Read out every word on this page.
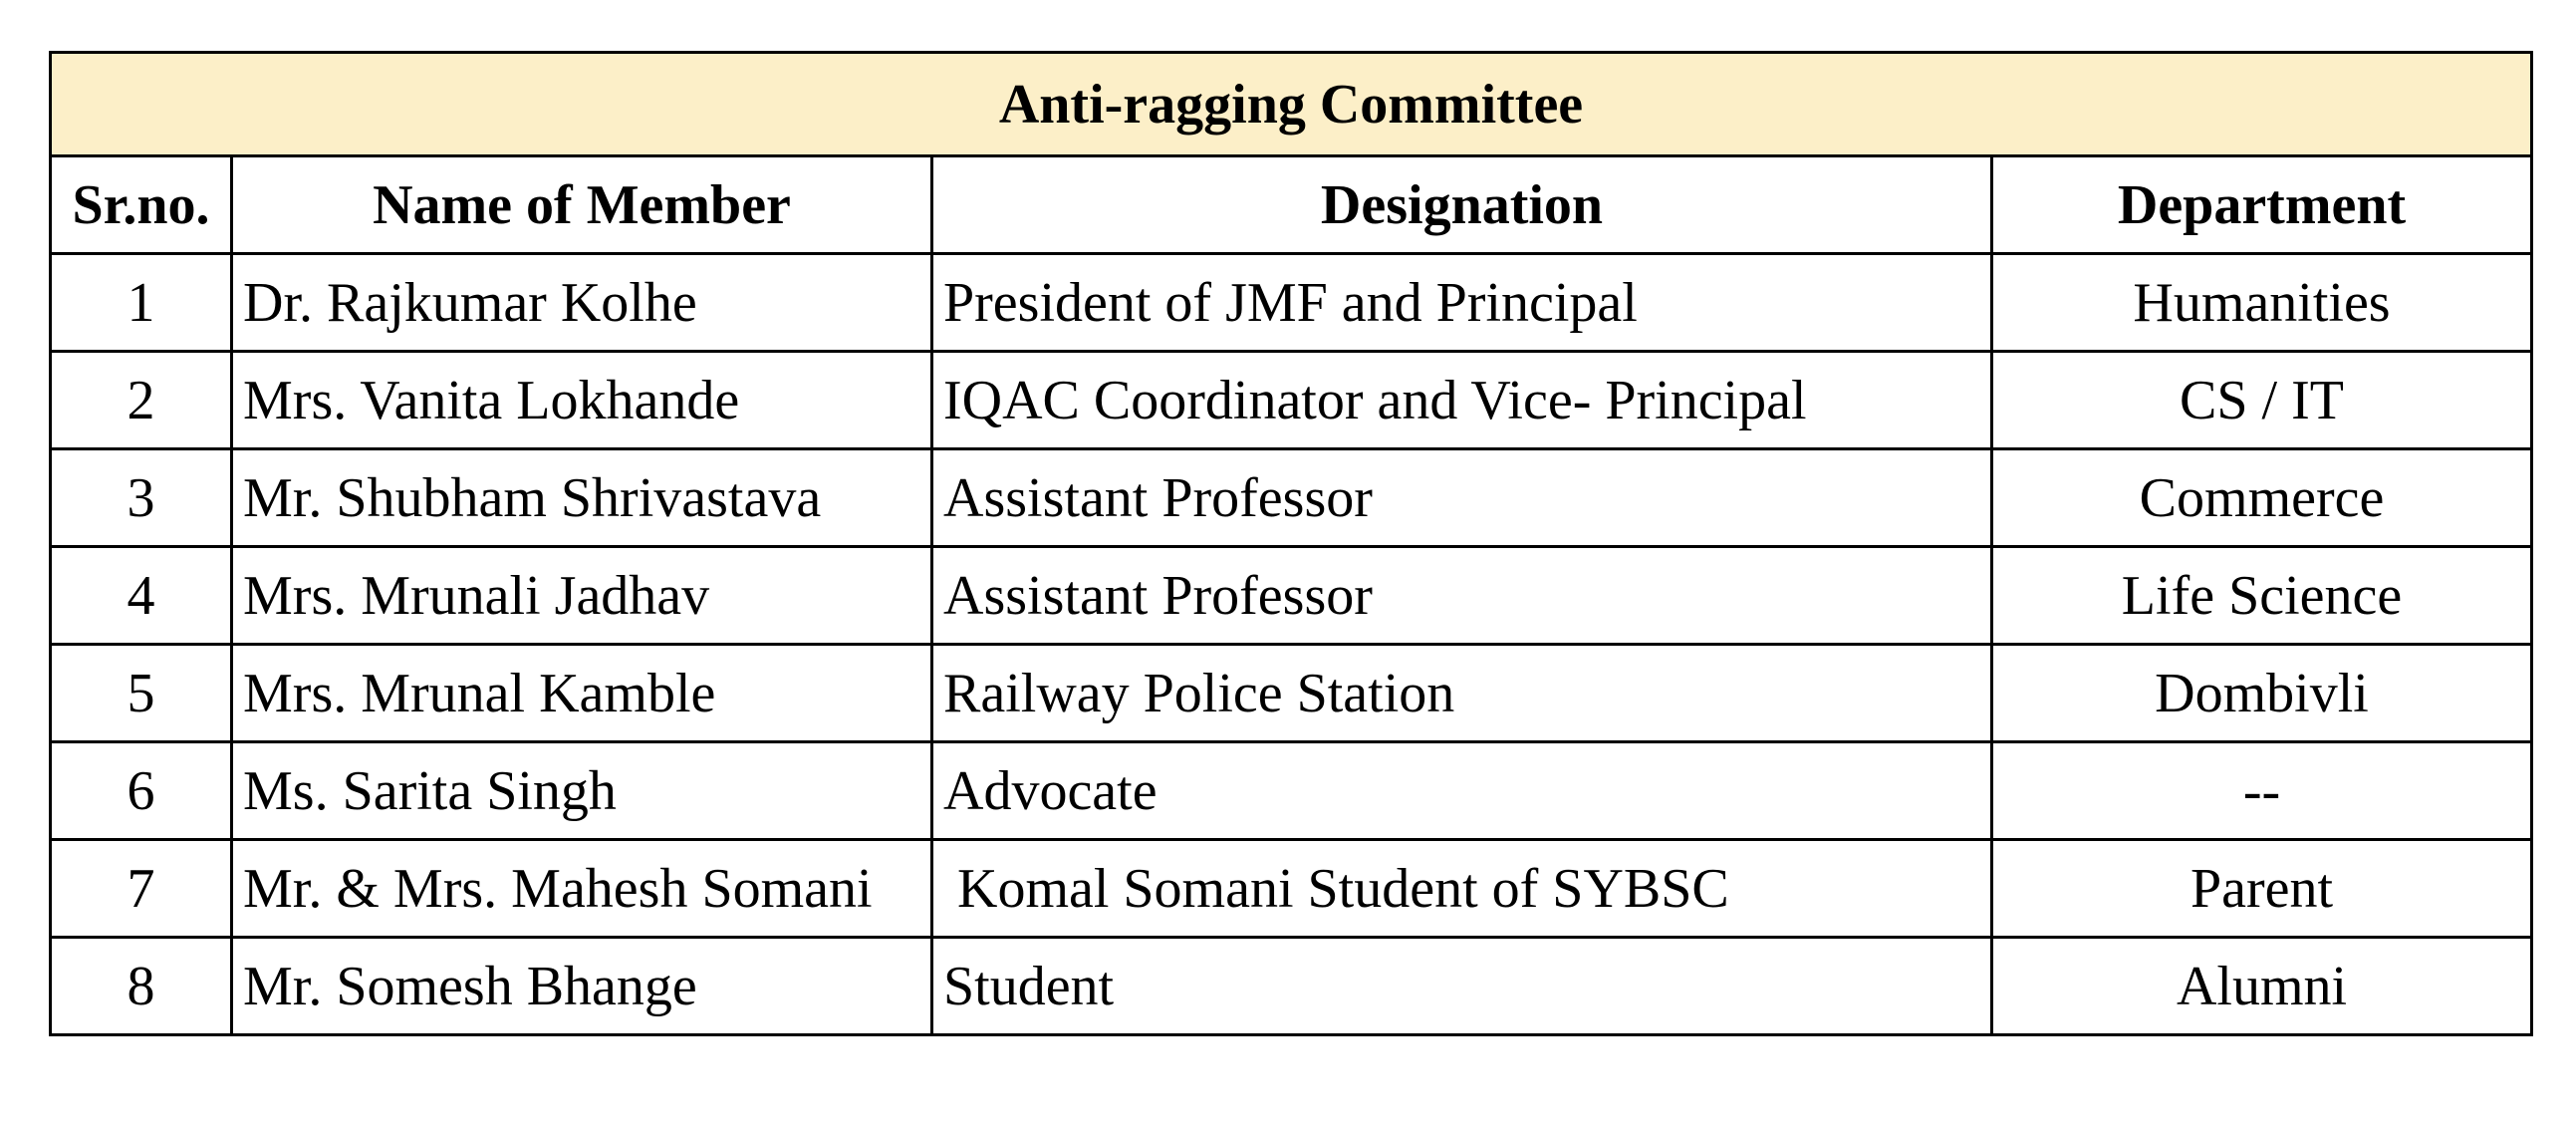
Anti-ragging Committee			
Sr.no.	Name of Member	Designation	Department
1	Dr. Rajkumar Kolhe	President of JMF and Principal	Humanities
2	Mrs. Vanita Lokhande	IQAC Coordinator and Vice- Principal	CS / IT
3	Mr. Shubham Shrivastava	Assistant Professor	Commerce
4	Mrs. Mrunali Jadhav	Assistant Professor	Life Science
5	Mrs. Mrunal Kamble	Railway Police Station	Dombivli
6	Ms. Sarita Singh	Advocate	--
7	Mr. & Mrs. Mahesh Somani	Komal Somani Student of SYBSC	Parent
8	Mr. Somesh Bhange	Student	Alumni
